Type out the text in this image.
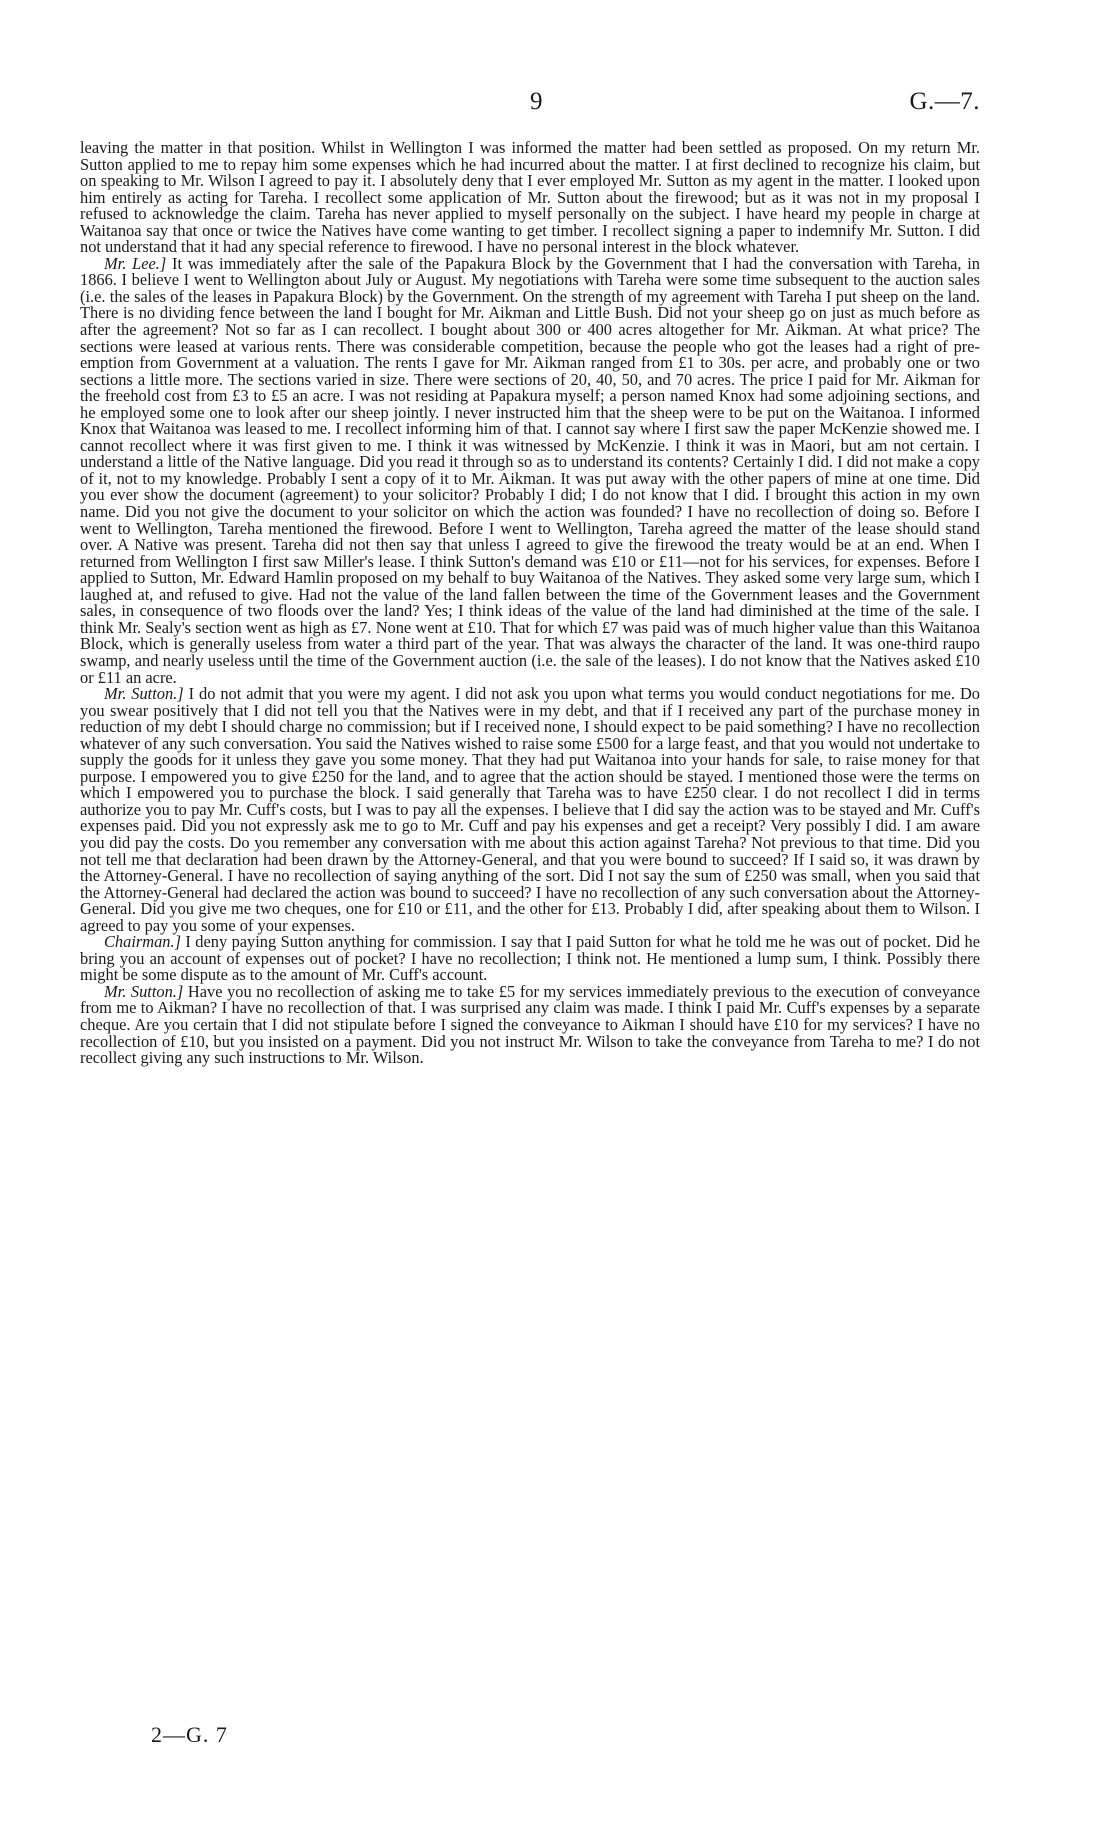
9	G.—7.

leaving the matter in that position. Whilst in Wellington I was informed the matter had been settled as proposed. On my return Mr. Sutton applied to me to repay him some expenses which he had incurred about the matter. I at first declined to recognize his claim, but on speaking to Mr. Wilson I agreed to pay it. I absolutely deny that I ever employed Mr. Sutton as my agent in the matter. I looked upon him entirely as acting for Tareha. I recollect some application of Mr. Sutton about the firewood; but as it was not in my proposal I refused to acknowledge the claim. Tareha has never applied to myself personally on the subject. I have heard my people in charge at Waitanoa say that once or twice the Natives have come wanting to get timber. I recollect signing a paper to indemnify Mr. Sutton. I did not understand that it had any special reference to firewood. I have no personal interest in the block whatever.

Mr. Lee.] It was immediately after the sale of the Papakura Block by the Government that I had the conversation with Tareha, in 1866. I believe I went to Wellington about July or August. My negotiations with Tareha were some time subsequent to the auction sales (i.e. the sales of the leases in Papakura Block) by the Government. On the strength of my agreement with Tareha I put sheep on the land. There is no dividing fence between the land I bought for Mr. Aikman and Little Bush. Did not your sheep go on just as much before as after the agreement? Not so far as I can recollect. I bought about 300 or 400 acres altogether for Mr. Aikman. At what price? The sections were leased at various rents. There was considerable competition, because the people who got the leases had a right of pre-emption from Government at a valuation. The rents I gave for Mr. Aikman ranged from £1 to 30s. per acre, and probably one or two sections a little more. The sections varied in size. There were sections of 20, 40, 50, and 70 acres. The price I paid for Mr. Aikman for the freehold cost from £3 to £5 an acre. I was not residing at Papakura myself; a person named Knox had some adjoining sections, and he employed some one to look after our sheep jointly. I never instructed him that the sheep were to be put on the Waitanoa. I informed Knox that Waitanoa was leased to me. I recollect informing him of that. I cannot say where I first saw the paper McKenzie showed me. I cannot recollect where it was first given to me. I think it was witnessed by McKenzie. I think it was in Maori, but am not certain. I understand a little of the Native language. Did you read it through so as to understand its contents? Certainly I did. I did not make a copy of it, not to my knowledge. Probably I sent a copy of it to Mr. Aikman. It was put away with the other papers of mine at one time. Did you ever show the document (agreement) to your solicitor? Probably I did; I do not know that I did. I brought this action in my own name. Did you not give the document to your solicitor on which the action was founded? I have no recollection of doing so. Before I went to Wellington, Tareha mentioned the firewood. Before I went to Wellington, Tareha agreed the matter of the lease should stand over. A Native was present. Tareha did not then say that unless I agreed to give the firewood the treaty would be at an end. When I returned from Wellington I first saw Miller's lease. I think Sutton's demand was £10 or £11—not for his services, for expenses. Before I applied to Sutton, Mr. Edward Hamlin proposed on my behalf to buy Waitanoa of the Natives. They asked some very large sum, which I laughed at, and refused to give. Had not the value of the land fallen between the time of the Government leases and the Government sales, in consequence of two floods over the land? Yes; I think ideas of the value of the land had diminished at the time of the sale. I think Mr. Sealy's section went as high as £7. None went at £10. That for which £7 was paid was of much higher value than this Waitanoa Block, which is generally useless from water a third part of the year. That was always the character of the land. It was one-third raupo swamp, and nearly useless until the time of the Government auction (i.e. the sale of the leases). I do not know that the Natives asked £10 or £11 an acre.

Mr. Sutton.] I do not admit that you were my agent. I did not ask you upon what terms you would conduct negotiations for me. Do you swear positively that I did not tell you that the Natives were in my debt, and that if I received any part of the purchase money in reduction of my debt I should charge no commission; but if I received none, I should expect to be paid something? I have no recollection whatever of any such conversation. You said the Natives wished to raise some £500 for a large feast, and that you would not undertake to supply the goods for it unless they gave you some money. That they had put Waitanoa into your hands for sale, to raise money for that purpose. I empowered you to give £250 for the land, and to agree that the action should be stayed. I mentioned those were the terms on which I empowered you to purchase the block. I said generally that Tareha was to have £250 clear. I do not recollect I did in terms authorize you to pay Mr. Cuff's costs, but I was to pay all the expenses. I believe that I did say the action was to be stayed and Mr. Cuff's expenses paid. Did you not expressly ask me to go to Mr. Cuff and pay his expenses and get a receipt? Very possibly I did. I am aware you did pay the costs. Do you remember any conversation with me about this action against Tareha? Not previous to that time. Did you not tell me that declaration had been drawn by the Attorney-General, and that you were bound to succeed? If I said so, it was drawn by the Attorney-General. I have no recollection of saying anything of the sort. Did I not say the sum of £250 was small, when you said that the Attorney-General had declared the action was bound to succeed? I have no recollection of any such conversation about the Attorney-General. Did you give me two cheques, one for £10 or £11, and the other for £13. Probably I did, after speaking about them to Wilson. I agreed to pay you some of your expenses.

Chairman.] I deny paying Sutton anything for commission. I say that I paid Sutton for what he told me he was out of pocket. Did he bring you an account of expenses out of pocket? I have no recollection; I think not. He mentioned a lump sum, I think. Possibly there might be some dispute as to the amount of Mr. Cuff's account.

Mr. Sutton.] Have you no recollection of asking me to take £5 for my services immediately previous to the execution of conveyance from me to Aikman? I have no recollection of that. I was surprised any claim was made. I think I paid Mr. Cuff's expenses by a separate cheque. Are you certain that I did not stipulate before I signed the conveyance to Aikman I should have £10 for my services? I have no recollection of £10, but you insisted on a payment. Did you not instruct Mr. Wilson to take the conveyance from Tareha to me? I do not recollect giving any such instructions to Mr. Wilson.

2—G. 7
